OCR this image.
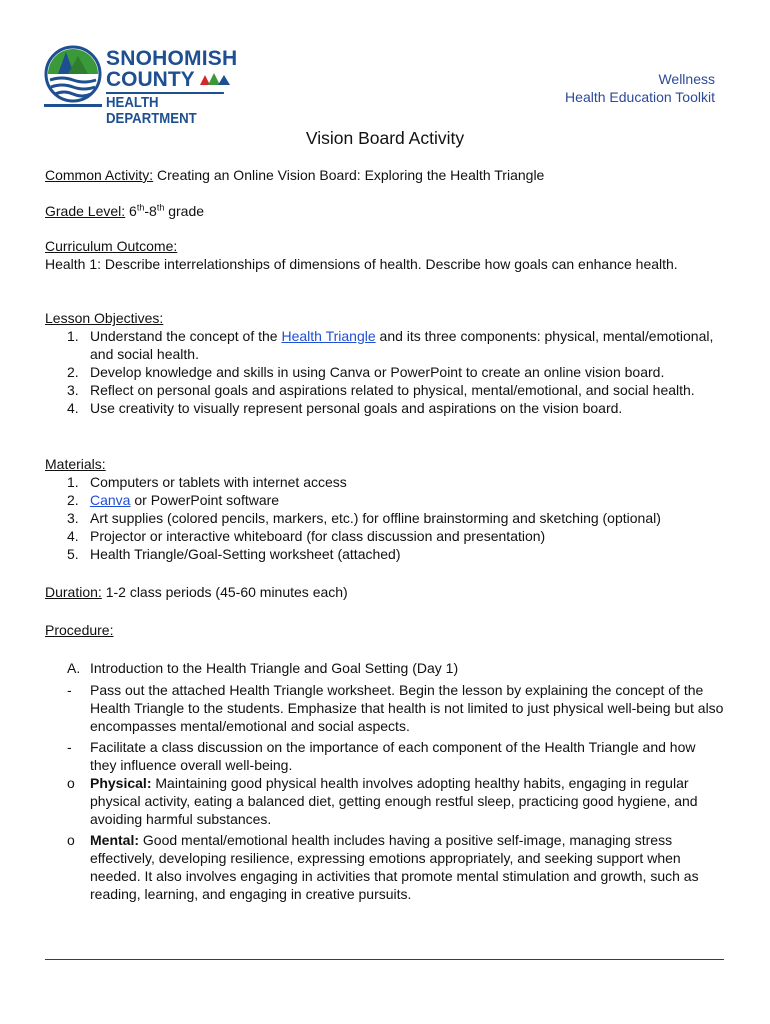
SNOHOMISH
COUNTY
HEALTH DEPARTMENT
Wellness
Health Education Toolkit
Vision Board Activity
Common Activity: Creating an Online Vision Board: Exploring the Health Triangle
Grade Level: 6th-8th grade
Curriculum Outcome:
Health 1: Describe interrelationships of dimensions of health. Describe how goals can enhance health.
Lesson Objectives:
1. Understand the concept of the Health Triangle and its three components: physical, mental/emotional, and social health.
2. Develop knowledge and skills in using Canva or PowerPoint to create an online vision board.
3. Reflect on personal goals and aspirations related to physical, mental/emotional, and social health.
4. Use creativity to visually represent personal goals and aspirations on the vision board.
Materials:
1. Computers or tablets with internet access
2. Canva or PowerPoint software
3. Art supplies (colored pencils, markers, etc.) for offline brainstorming and sketching (optional)
4. Projector or interactive whiteboard (for class discussion and presentation)
5. Health Triangle/Goal-Setting worksheet (attached)
Duration: 1-2 class periods (45-60 minutes each)
Procedure:
A. Introduction to the Health Triangle and Goal Setting (Day 1)
- Pass out the attached Health Triangle worksheet. Begin the lesson by explaining the concept of the Health Triangle to the students. Emphasize that health is not limited to just physical well-being but also encompasses mental/emotional and social aspects.
- Facilitate a class discussion on the importance of each component of the Health Triangle and how they influence overall well-being.
o Physical: Maintaining good physical health involves adopting healthy habits, engaging in regular physical activity, eating a balanced diet, getting enough restful sleep, practicing good hygiene, and avoiding harmful substances.
o Mental: Good mental/emotional health includes having a positive self-image, managing stress effectively, developing resilience, expressing emotions appropriately, and seeking support when needed. It also involves engaging in activities that promote mental stimulation and growth, such as reading, learning, and engaging in creative pursuits.
